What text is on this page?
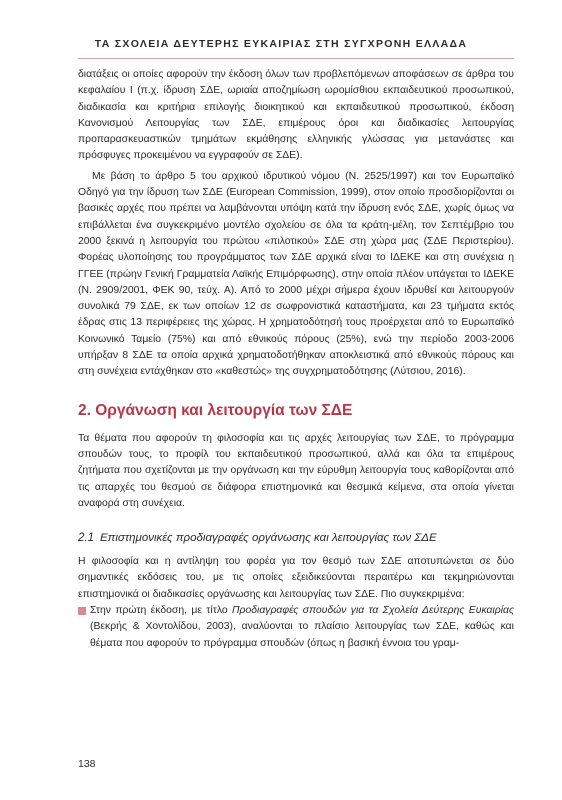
ΤΑ ΣΧΟΛΕΙΑ ΔΕΥΤΕΡΗΣ ΕΥΚΑΙΡΙΑΣ ΣΤΗ ΣΥΓΧΡΟΝΗ ΕΛΛΑΔΑ

διατάξεις οι οποίες αφορούν την έκδοση όλων των προβλεπόμενων αποφάσεων σε άρθρα του κεφαλαίου Ι (π.χ. ίδρυση ΣΔΕ, ωριαία αποζημίωση ωρομίσθιου εκπαιδευτικού προσωπικού, διαδικασία και κριτήρια επιλογής διοικητικού και εκπαιδευτικού προσωπικού, έκδοση Κανονισμού Λειτουργίας των ΣΔΕ, επιμέρους όροι και διαδικασίες λειτουργίας προπαρασκευαστικών τμημάτων εκμάθησης ελληνικής γλώσσας για μετανάστες και πρόσφυγες προκειμένου να εγγραφούν σε ΣΔΕ).

Με βάση το άρθρο 5 του αρχικού ιδρυτικού νόμου (Ν. 2525/1997) και τον Ευρωπαϊκό Οδηγό για την ίδρυση των ΣΔΕ (European Commission, 1999), στον οποίο προσδιορίζονται οι βασικές αρχές που πρέπει να λαμβάνονται υπόψη κατά την ίδρυση ενός ΣΔΕ, χωρίς όμως να επιβάλλεται ένα συγκεκριμένο μοντέλο σχολείου σε όλα τα κράτη-μέλη, τον Σεπτέμβριο του 2000 ξεκινά η λειτουργία του πρώτου «πιλοτικού» ΣΔΕ στη χώρα μας (ΣΔΕ Περιστερίου). Φορέας υλοποίησης του προγράμματος των ΣΔΕ αρχικά είναι το ΙΔΕΚΕ και στη συνέχεια η ΓΓΕΕ (πρώην Γενική Γραμματεία Λαϊκής Επιμόρφωσης), στην οποία πλέον υπάγεται το ΙΔΕΚΕ (Ν. 2909/2001, ΦΕΚ 90, τεύχ. Α). Από το 2000 μέχρι σήμερα έχουν ιδρυθεί και λειτουργούν συνολικά 79 ΣΔΕ, εκ των οποίων 12 σε σωφρονιστικά καταστήματα, και 23 τμήματα εκτός έδρας στις 13 περιφέρειες της χώρας. Η χρηματοδότησή τους προέρχεται από το Ευρωπαϊκό Κοινωνικό Ταμείο (75%) και από εθνικούς πόρους (25%), ενώ την περίοδο 2003-2006 υπήρξαν 8 ΣΔΕ τα οποία αρχικά χρηματοδοτήθηκαν αποκλειστικά από εθνικούς πόρους και στη συνέχεια εντάχθηκαν στο «καθεστώς» της συγχρηματοδότησης (Λύτσιου, 2016).

2. Οργάνωση και λειτουργία των ΣΔΕ

Τα θέματα που αφορούν τη φιλοσοφία και τις αρχές λειτουργίας των ΣΔΕ, το πρόγραμμα σπουδών τους, το προφίλ του εκπαιδευτικού προσωπικού, αλλά και όλα τα επιμέρους ζητήματα που σχετίζονται με την οργάνωση και την εύρυθμη λειτουργία τους καθορίζονται από τις απαρχές του θεσμού σε διάφορα επιστημονικά και θεσμικά κείμενα, στα οποία γίνεται αναφορά στη συνέχεια.

2.1 Επιστημονικές προδιαγραφές οργάνωσης και λειτουργίας των ΣΔΕ

Η φιλοσοφία και η αντίληψη του φορέα για τον θεσμό των ΣΔΕ αποτυπώνεται σε δύο σημαντικές εκδόσεις του, με τις οποίες εξειδικεύονται περαιτέρω και τεκμηριώνονται επιστημονικά οι διαδικασίες οργάνωσης και λειτουργίας των ΣΔΕ. Πιο συγκεκριμένα:

Στην πρώτη έκδοση, με τίτλο Προδιαγραφές σπουδών για τα Σχολεία Δεύτερης Ευκαιρίας (Βεκρής & Χοντολίδου, 2003), αναλύονται το πλαίσιο λειτουργίας των ΣΔΕ, καθώς και θέματα που αφορούν το πρόγραμμα σπουδών (όπως η βασική έννοια του γραμ-

138
